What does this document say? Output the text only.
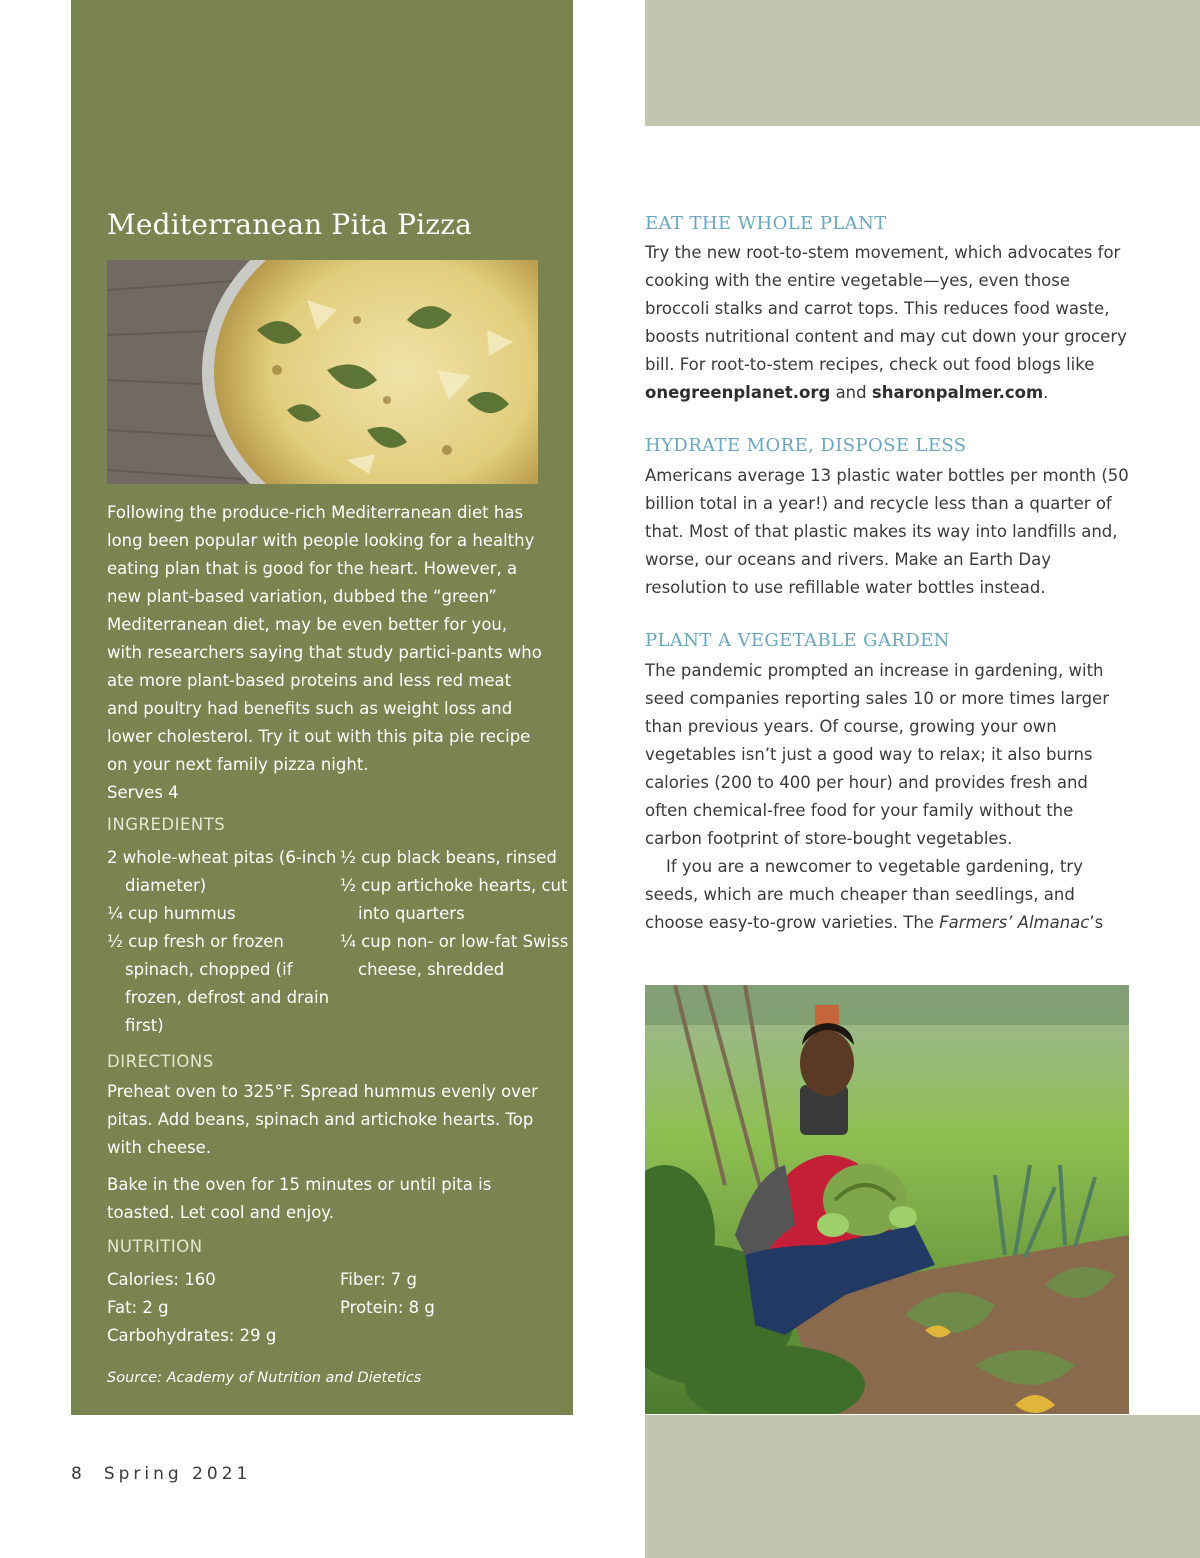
Mediterranean Pita Pizza

Following the produce-rich Mediterranean diet has long been popular with people looking for a healthy eating plan that is good for the heart. However, a new plant-based variation, dubbed the “green” Mediterranean diet, may be even better for you, with researchers saying that study partici-pants who ate more plant-based proteins and less red meat and poultry had benefits such as weight loss and lower cholesterol. Try it out with this pita pie recipe on your next family pizza night.
Serves 4

INGREDIENTS
2 whole-wheat pitas (6-inch diameter)
¼ cup hummus
½ cup fresh or frozen spinach, chopped (if frozen, defrost and drain first)
½ cup black beans, rinsed
½ cup artichoke hearts, cut into quarters
¼ cup non- or low-fat Swiss cheese, shredded
DIRECTIONS

Preheat oven to 325°F. Spread hummus evenly over pitas. Add beans, spinach and artichoke hearts. Top with cheese.

Bake in the oven for 15 minutes or until pita is toasted. Let cool and enjoy.

NUTRITION

Calories: 160
Fat: 2 g
Carbohydrates: 29 g

Fiber: 7 g
Protein: 8 g

Source: Academy of Nutrition and Dietetics

EAT THE WHOLE PLANT

Try the new root-to-stem movement, which advocates for cooking with the entire vegetable—yes, even those broccoli stalks and carrot tops. This reduces food waste, boosts nutritional content and may cut down your grocery bill. For root-to-stem recipes, check out food blogs like onegreenplanet.org and sharonpalmer.com.

HYDRATE MORE, DISPOSE LESS

Americans average 13 plastic water bottles per month (50 billion total in a year!) and recycle less than a quarter of that. Most of that plastic makes its way into landfills and, worse, our oceans and rivers. Make an Earth Day resolution to use refillable water bottles instead.

PLANT A VEGETABLE GARDEN

The pandemic prompted an increase in gardening, with seed companies reporting sales 10 or more times larger than previous years. Of course, growing your own vegetables isn’t just a good way to relax; it also burns calories (200 to 400 per hour) and provides fresh and often chemical-free food for your family without the carbon footprint of store-bought vegetables.

If you are a newcomer to vegetable gardening, try seeds, which are much cheaper than seedlings, and choose easy-to-grow varieties. The Farmers’ Almanac’s

8 Spring 2021
